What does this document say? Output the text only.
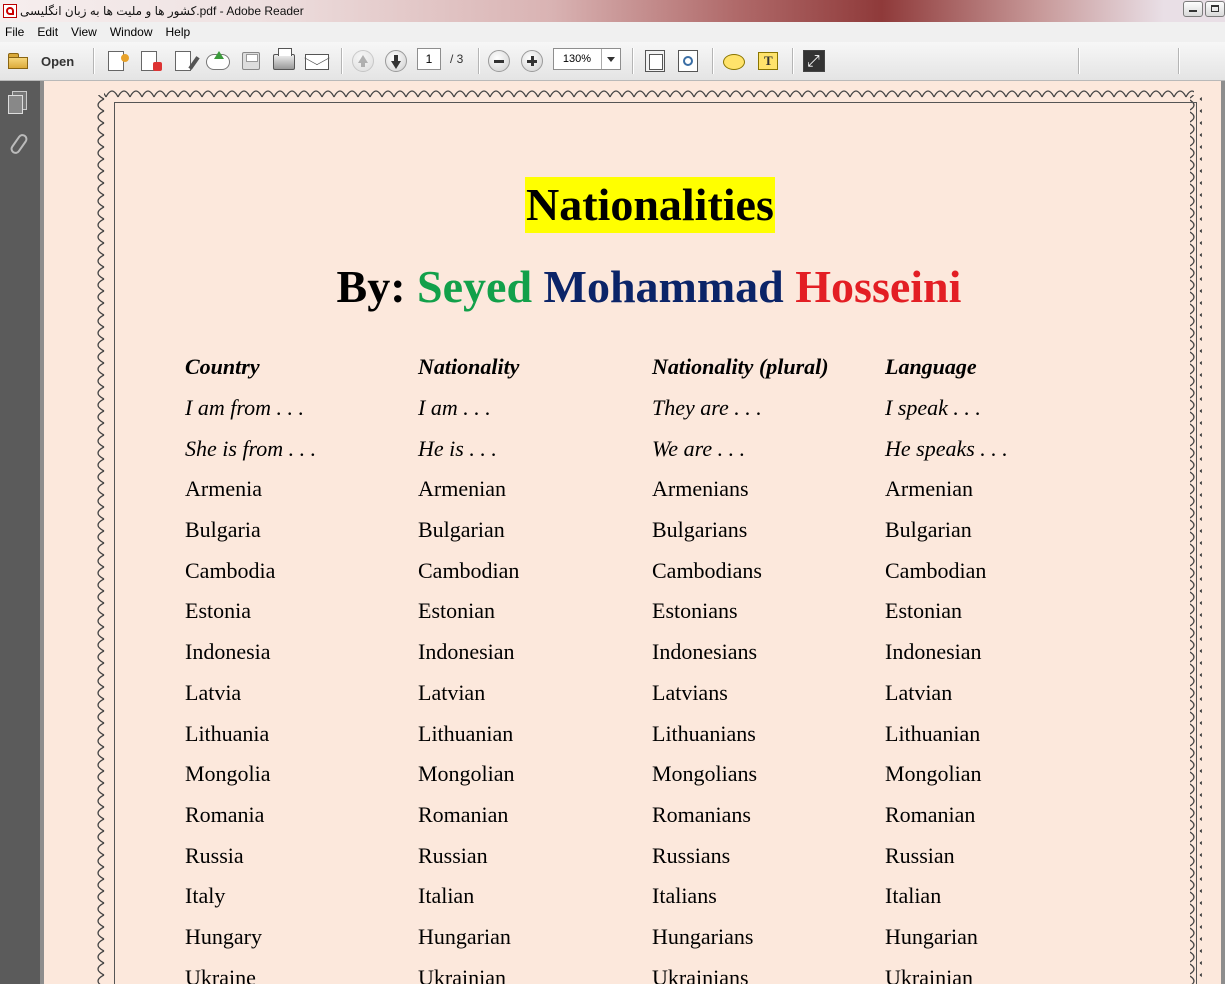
کشور ها و ملیت ها به زبان انگلیسی.pdf - Adobe Reader
File	Edit	View	Window	Help
Open T ⤢
1	/ 3
130%
Nationalities
By: Seyed Mohammad Hosseini
Country	Nationality	Nationality (plural)	Language
I am from . . .	I am . . .	They are . . .	I speak . . .
She is from . . .	He is . . .	We are . . .	He speaks . . .
Armenia	Armenian	Armenians	Armenian
Bulgaria	Bulgarian	Bulgarians	Bulgarian
Cambodia	Cambodian	Cambodians	Cambodian
Estonia	Estonian	Estonians	Estonian
Indonesia	Indonesian	Indonesians	Indonesian
Latvia	Latvian	Latvians	Latvian
Lithuania	Lithuanian	Lithuanians	Lithuanian
Mongolia	Mongolian	Mongolians	Mongolian
Romania	Romanian	Romanians	Romanian
Russia	Russian	Russians	Russian
Italy	Italian	Italians	Italian
Hungary	Hungarian	Hungarians	Hungarian
Ukraine	Ukrainian	Ukrainians	Ukrainian
